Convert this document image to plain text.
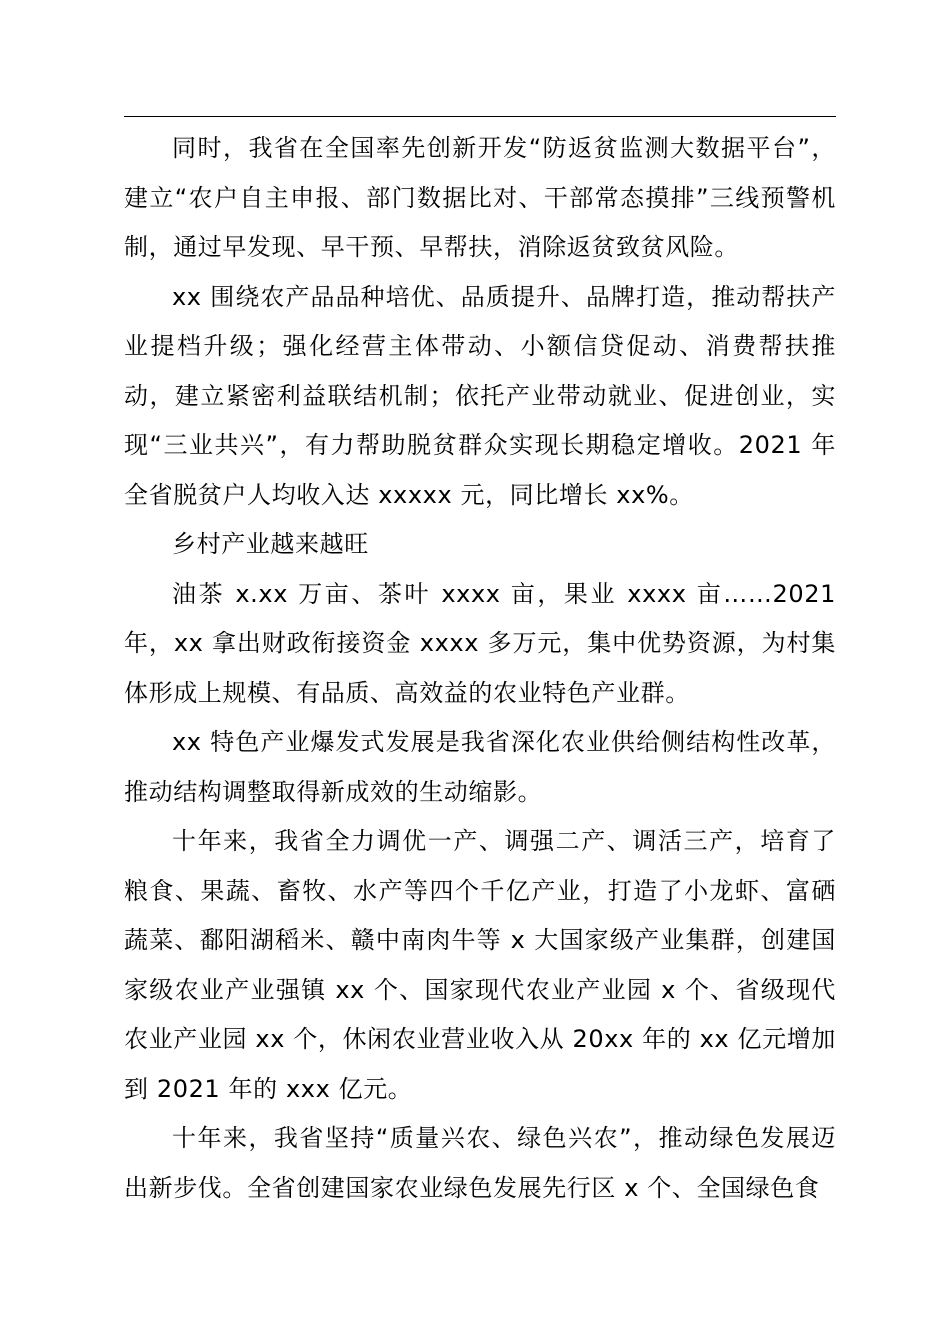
同时，我省在全国率先创新开发“防返贫监测大数据平台”，建立“农户自主申报、部门数据比对、干部常态摸排”三线预警机制，通过早发现、早干预、早帮扶，消除返贫致贫风险。

xx 围绕农产品品种培优、品质提升、品牌打造，推动帮扶产业提档升级；强化经营主体带动、小额信贷促动、消费帮扶推动，建立紧密利益联结机制；依托产业带动就业、促进创业，实现“三业共兴”，有力帮助脱贫群众实现长期稳定增收。2021 年全省脱贫户人均收入达 xxxxx 元，同比增长 xx%。

乡村产业越来越旺

油茶 x.xx 万亩、茶叶 xxxx 亩，果业 xxxx 亩……2021 年，xx 拿出财政衔接资金 xxxx 多万元，集中优势资源，为村集体形成上规模、有品质、高效益的农业特色产业群。

xx 特色产业爆发式发展是我省深化农业供给侧结构性改革，推动结构调整取得新成效的生动缩影。

十年来，我省全力调优一产、调强二产、调活三产，培育了粮食、果蔬、畜牧、水产等四个千亿产业，打造了小龙虾、富硒蔬菜、鄱阳湖稻米、赣中南肉牛等 x 大国家级产业集群，创建国家级农业产业强镇 xx 个、国家现代农业产业园 x 个、省级现代农业产业园 xx 个，休闲农业营业收入从 20xx 年的 xx 亿元增加到 2021 年的 xxx 亿元。

十年来，我省坚持“质量兴农、绿色兴农”，推动绿色发展迈出新步伐。全省创建国家农业绿色发展先行区 x 个、全国绿色食
